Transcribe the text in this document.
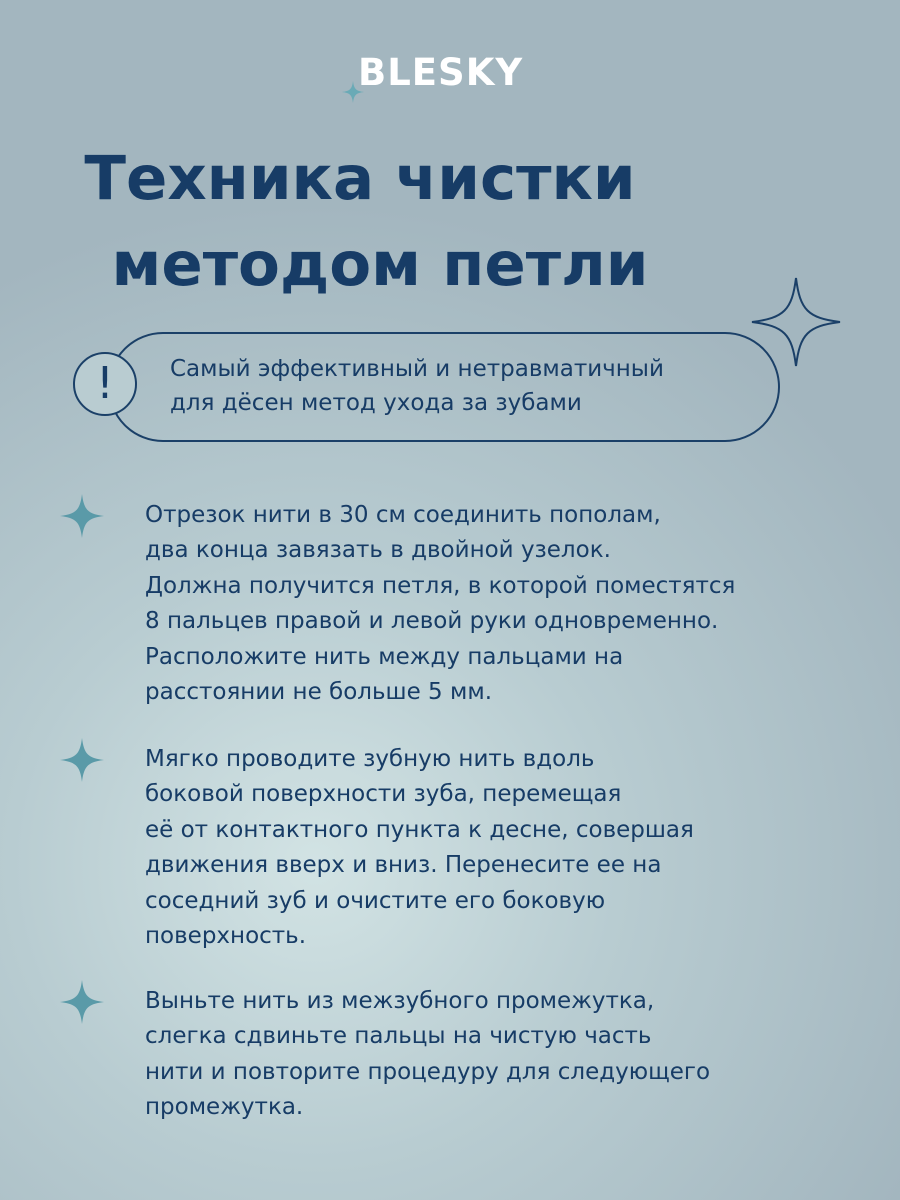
BLESKY
Техника чистки
методом петли
!	Самый эффективный и нетравматичный
для дёсен метод ухода за зубами
Отрезок нити в 30 см соединить пополам,
два конца завязать в двойной узелок.
Должна получится петля, в которой поместятся
8 пальцев правой и левой руки одновременно.
Расположите нить между пальцами на
расстоянии не больше 5 мм.
Мягко проводите зубную нить вдоль
боковой поверхности зуба, перемещая
её от контактного пункта к десне, совершая
движения вверх и вниз. Перенесите ее на
соседний зуб и очистите его боковую
поверхность.
Выньте нить из межзубного промежутка,
слегка сдвиньте пальцы на чистую часть
нити и повторите процедуру для следующего
промежутка.
